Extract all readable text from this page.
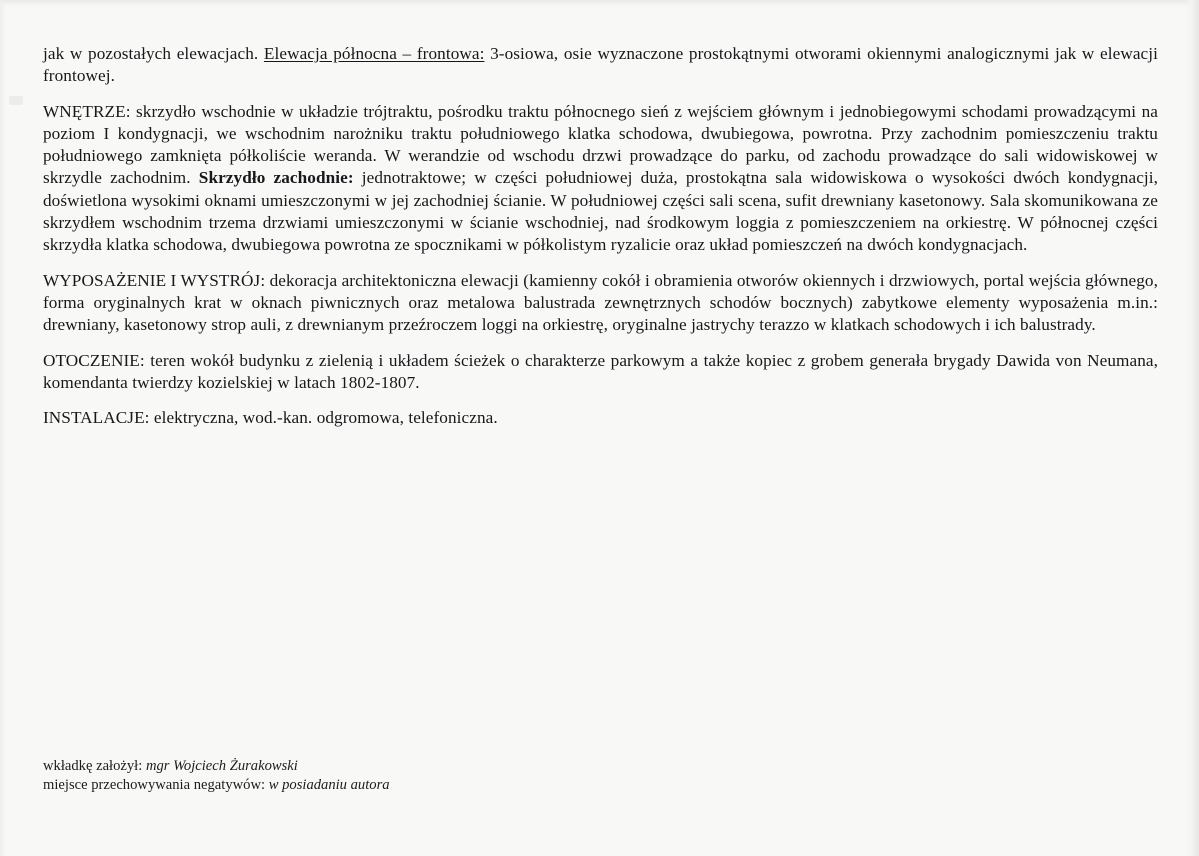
jak w pozostałych elewacjach. Elewacja północna – frontowa: 3-osiowa, osie wyznaczone prostokątnymi otworami okiennymi analogicznymi jak w elewacji frontowej.

WNĘTRZE: skrzydło wschodnie w układzie trójtraktu, pośrodku traktu północnego sień z wejściem głównym i jednobiegowymi schodami prowadzącymi na poziom I kondygnacji, we wschodnim narożniku traktu południowego klatka schodowa, dwubiegowa, powrotna. Przy zachodnim pomieszczeniu traktu południowego zamknięta półkoliście weranda. W werandzie od wschodu drzwi prowadzące do parku, od zachodu prowadzące do sali widowiskowej w skrzydle zachodnim. Skrzydło zachodnie: jednotraktowe; w części południowej duża, prostokątna sala widowiskowa o wysokości dwóch kondygnacji, doświetlona wysokimi oknami umieszczonymi w jej zachodniej ścianie. W południowej części sali scena, sufit drewniany kasetonowy. Sala skomunikowana ze skrzydłem wschodnim trzema drzwiami umieszczonymi w ścianie wschodniej, nad środkowym loggia z pomieszczeniem na orkiestrę. W północnej części skrzydła klatka schodowa, dwubiegowa powrotna ze spocznikami w półkolistym ryzalicie oraz układ pomieszczeń na dwóch kondygnacjach.

WYPOSAŻENIE I WYSTRÓJ: dekoracja architektoniczna elewacji (kamienny cokół i obramienia otworów okiennych i drzwiowych, portal wejścia głównego, forma oryginalnych krat w oknach piwnicznych oraz metalowa balustrada zewnętrznych schodów bocznych) zabytkowe elementy wyposażenia m.in.: drewniany, kasetonowy strop auli, z drewnianym przeźroczem loggi na orkiestrę, oryginalne jastrychy terazzo w klatkach schodowych i ich balustrady.

OTOCZENIE: teren wokół budynku z zielenią i układem ścieżek o charakterze parkowym a także kopiec z grobem generała brygady Dawida von Neumana, komendanta twierdzy kozielskiej w latach 1802-1807.

INSTALACJE: elektryczna, wod.-kan. odgromowa, telefoniczna.

wkładkę założył: mgr Wojciech Żurakowski
miejsce przechowywania negatywów: w posiadaniu autora
